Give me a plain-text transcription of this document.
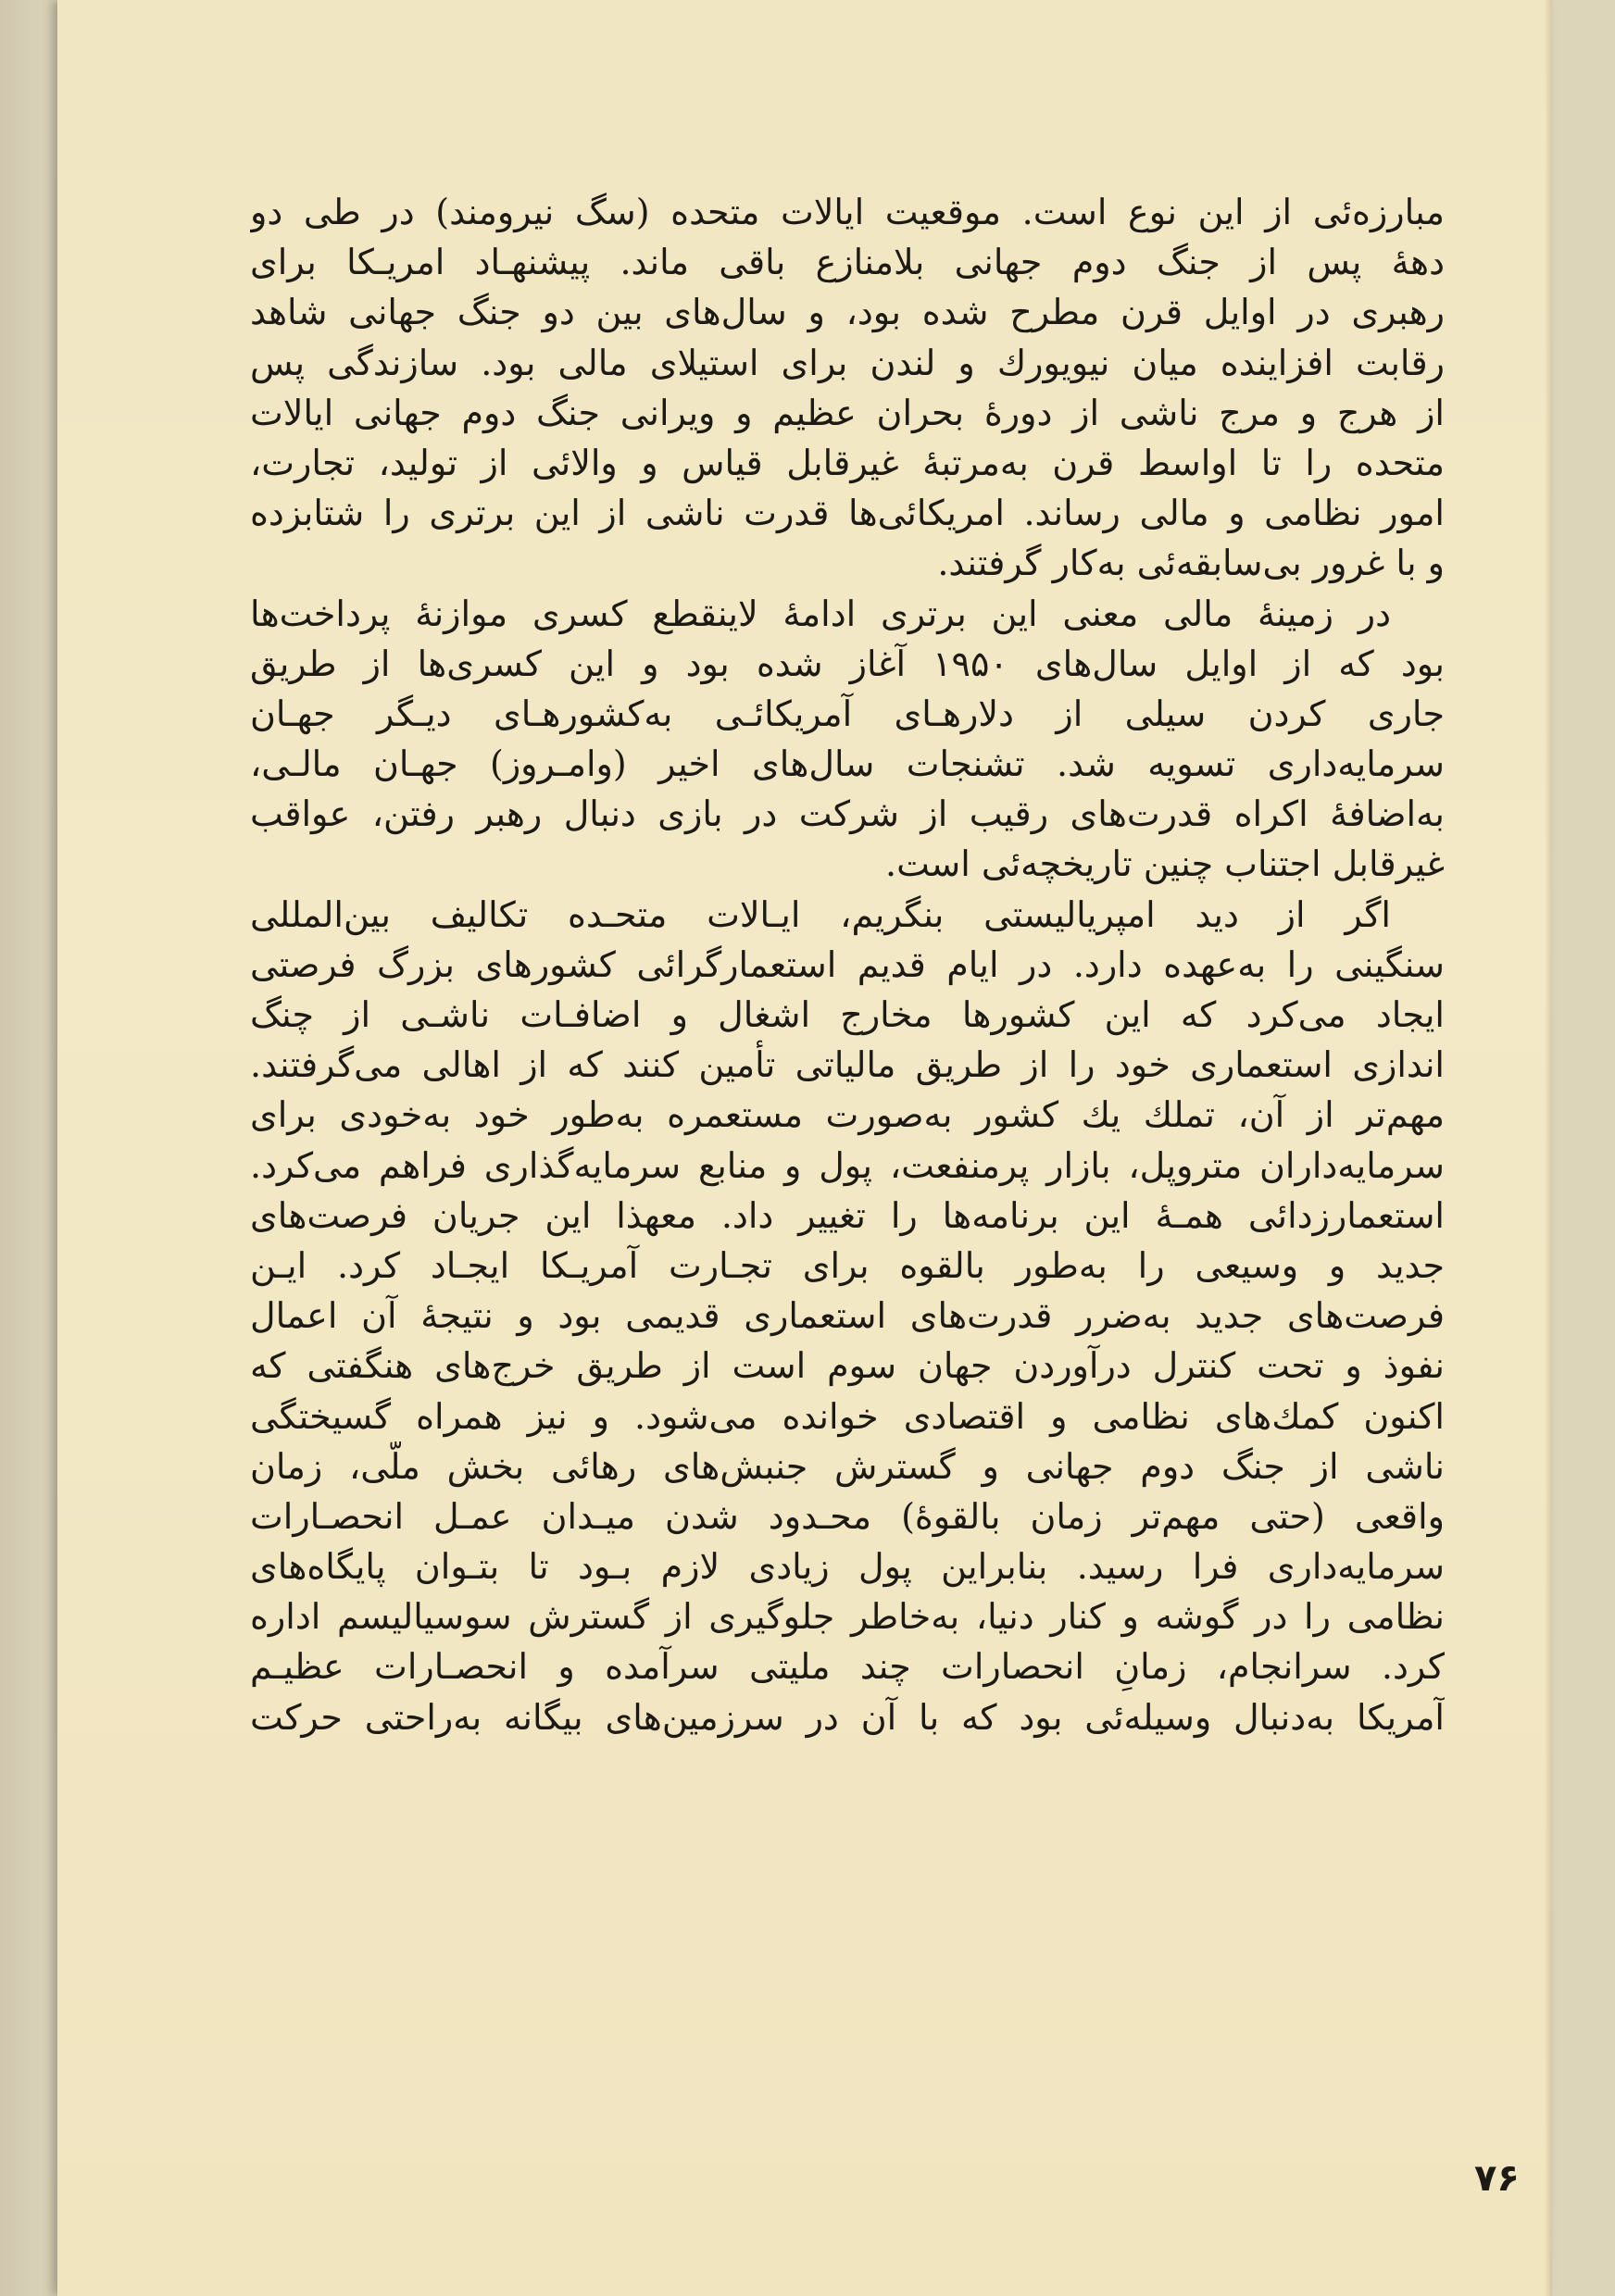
مبارزه‌ئی از این نوع است. موقعیت ایالات متحده (سگ نیرومند) در طی دو
دهۀ پس از جنگ دوم جهانی بلامنازع باقی ماند. پیشنهـاد امریـکا برای
رهبری در اوایل قرن مطرح شده بود، و سال‌های بین دو جنگ جهانی شاهد
رقابت افزاینده میان نیویورك و لندن برای استیلای مالی بود. سازندگی پس
از هرج و مرج ناشی از دورۀ بحران عظیم و ویرانی جنگ دوم جهانی ایالات
متحده را تا اواسط قرن به‌مرتبۀ غیرقابل قیاس و والائی از تولید، تجارت،
امور نظامی و مالی رساند. امریکائی‌ها قدرت ناشی از این برتری را شتابزده
و با غرور بی‌سابقه‌ئی به‌کار گرفتند.
در زمینۀ مالی معنی این برتری ادامۀ لاینقطع کسری موازنۀ پرداخت‌ها
بود که از اوایل سال‌های ۱۹۵۰ آغاز شده بود و این کسری‌ها از طریق
جاری کردن سیلی از دلارهـای آمریکائـی به‌کشورهـای دیـگر جهـان
سرمایه‌داری تسویه شد. تشنجات سال‌های اخیر (وامـروز) جهـان مالـی،
به‌اضافۀ اکراه قدرت‌های رقیب از شرکت در بازی دنبال رهبر رفتن، عواقب
غیرقابل اجتناب چنین تاریخچه‌ئی است.
اگر از دید امپریالیستی بنگریم، ایـالات متحـده تکالیف بین‌المللی
سنگینی را به‌عهده دارد. در ایام قدیم استعمارگرائی کشورهای بزرگ فرصتی
ایجاد می‌کرد که این کشورها مخارج اشغال و اضافـات ناشـی از چنگ
اندازی استعماری خود را از طریق مالیاتی تأمین کنند که از اهالی می‌گرفتند.
مهم‌تر از آن، تملك یك کشور به‌صورت مستعمره به‌طور خود به‌خودی برای
سرمایه‌داران متروپل، بازار پرمنفعت، پول و منابع سرمایه‌گذاری فراهم می‌کرد.
استعمارزدائی همـۀ این برنامه‌ها را تغییر داد. معهذا این جریان فرصت‌های
جدید و وسیعی را به‌طور بالقوه برای تجـارت آمریـکا ایجـاد کرد. ایـن
فرصت‌های جدید به‌ضرر قدرت‌های استعماری قدیمی بود و نتیجۀ آن اعمال
نفوذ و تحت کنترل درآوردن جهان سوم است از طریق خرج‌های هنگفتی که
اکنون کمك‌های نظامی و اقتصادی خوانده می‌شود. و نیز همراه گسیختگی
ناشی از جنگ دوم جهانی و گسترش جنبش‌های رهائی بخش ملّی، زمان
واقعی (حتی مهم‌تر زمان بالقوۀ) محـدود شدن میـدان عمـل انحصـارات
سرمایه‌داری فرا رسید. بنابراین پول زیادی لازم بـود تا بتـوان پایگاه‌های
نظامی را در گوشه و کنار دنیا، به‌خاطر جلوگیری از گسترش سوسیالیسم اداره
کرد. سرانجام، زمانِ انحصارات چند ملیتی سرآمده و انحصـارات عظیـم
آمریکا به‌دنبال وسیله‌ئی بود که با آن در سرزمین‌های بیگانه به‌راحتی حرکت
۷۶
